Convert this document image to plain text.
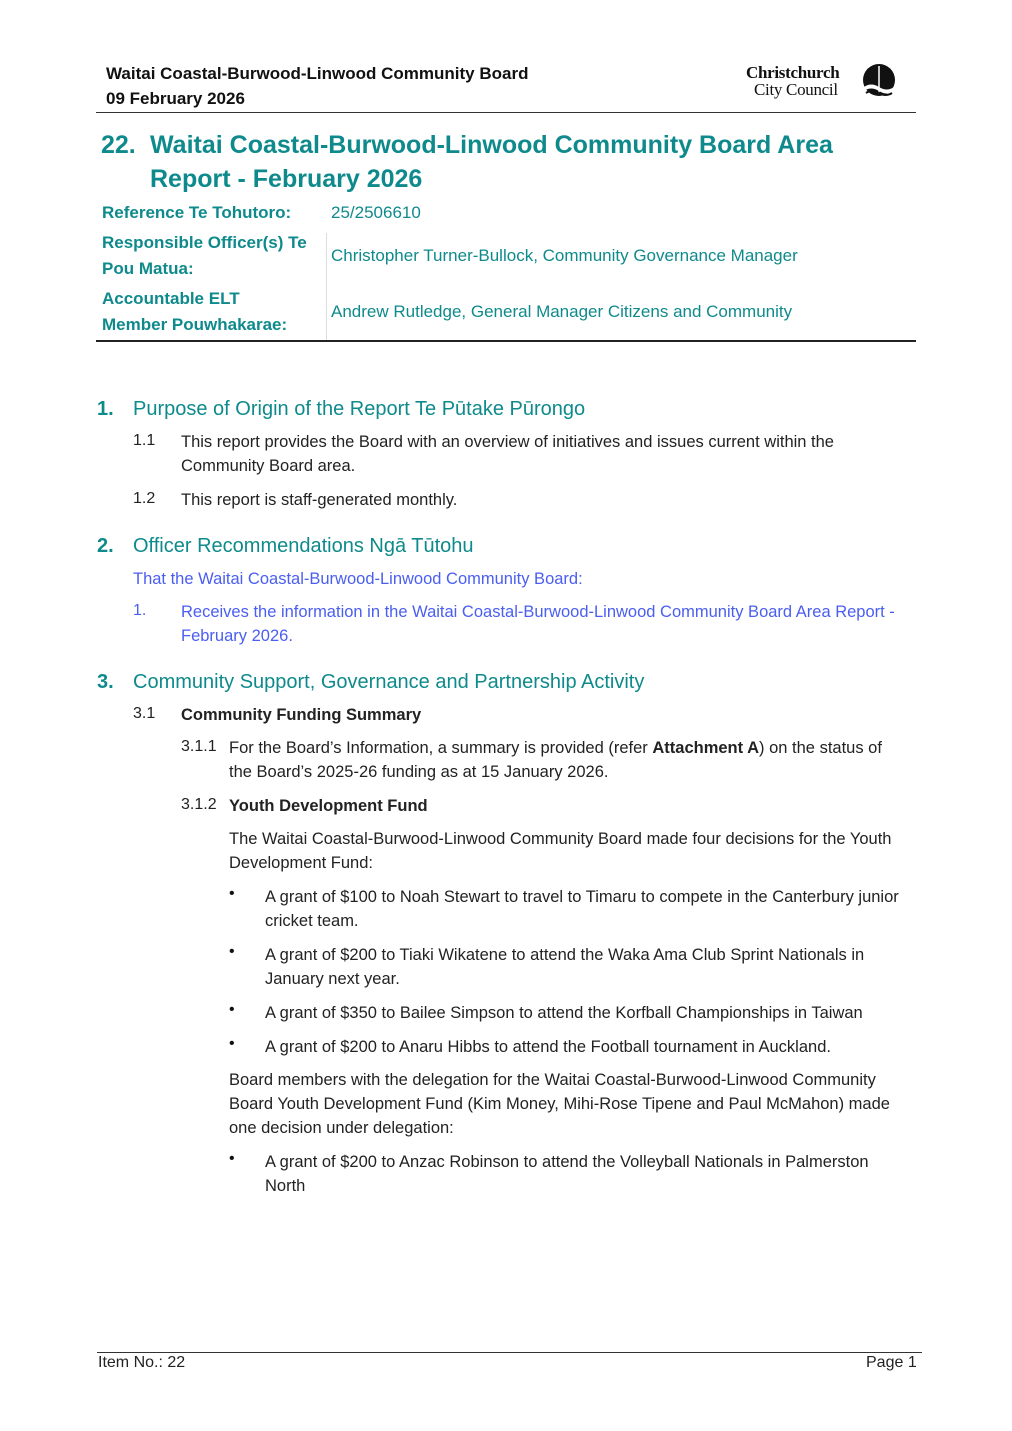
Waitai Coastal-Burwood-Linwood Community Board
09 February 2026
Christchurch
City Council
22. Waitai Coastal-Burwood-Linwood Community Board Area Report - February 2026
Reference Te Tohutoro:	25/2506610
Responsible Officer(s) Te
Pou Matua:
Christopher Turner-Bullock, Community Governance Manager
Accountable ELT
Member Pouwhakarae:
Andrew Rutledge, General Manager Citizens and Community
1. Purpose of Origin of the Report Te Pūtake Pūrongo
1.1 This report provides the Board with an overview of initiatives and issues current within the Community Board area.
1.2 This report is staff-generated monthly.
2. Officer Recommendations Ngā Tūtohu
That the Waitai Coastal-Burwood-Linwood Community Board:
1. Receives the information in the Waitai Coastal-Burwood-Linwood Community Board Area Report - February 2026.
3. Community Support, Governance and Partnership Activity
3.1 Community Funding Summary
3.1.1 For the Board’s Information, a summary is provided (refer Attachment A) on the status of the Board’s 2025-26 funding as at 15 January 2026.
3.1.2 Youth Development Fund
The Waitai Coastal-Burwood-Linwood Community Board made four decisions for the Youth Development Fund:
• A grant of $100 to Noah Stewart to travel to Timaru to compete in the Canterbury junior cricket team.
• A grant of $200 to Tiaki Wikatene to attend the Waka Ama Club Sprint Nationals in January next year.
• A grant of $350 to Bailee Simpson to attend the Korfball Championships in Taiwan
• A grant of $200 to Anaru Hibbs to attend the Football tournament in Auckland.
Board members with the delegation for the Waitai Coastal-Burwood-Linwood Community Board Youth Development Fund (Kim Money, Mihi-Rose Tipene and Paul McMahon) made one decision under delegation:
• A grant of $200 to Anzac Robinson to attend the Volleyball Nationals in Palmerston North
Item No.: 22	Page 1
